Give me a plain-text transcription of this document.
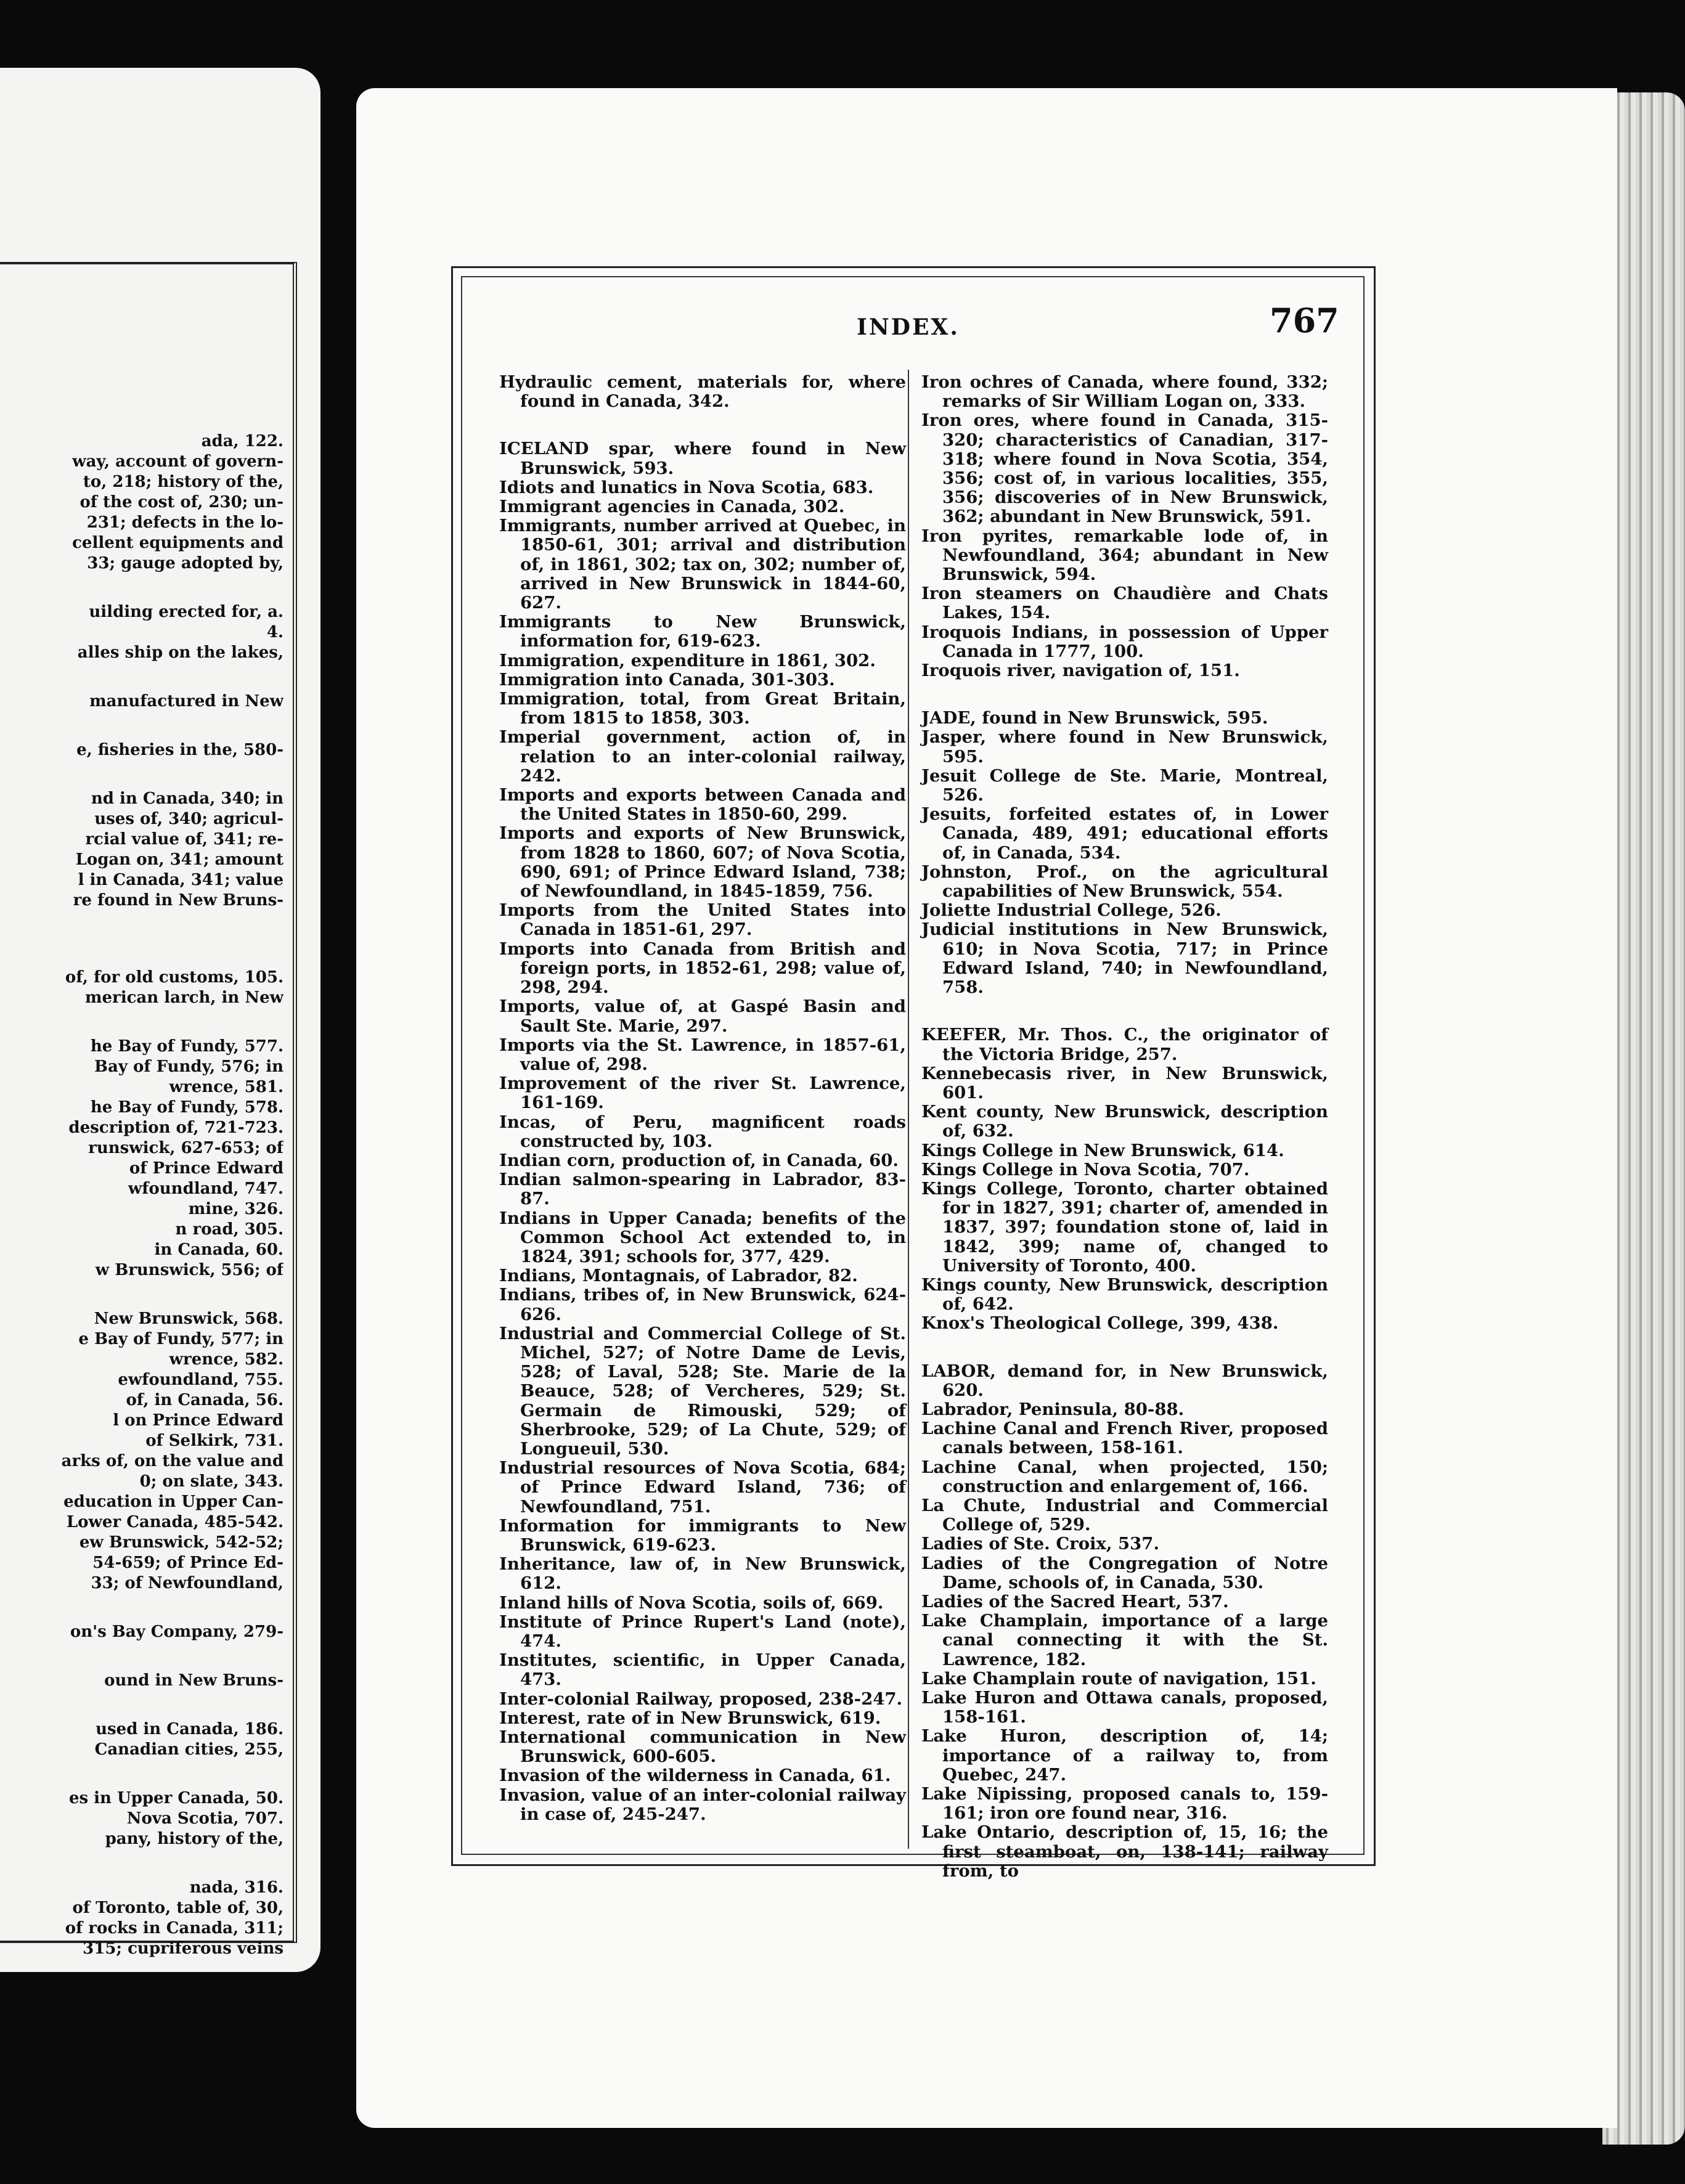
ada, 122.
way, account of govern-
to, 218; history of the,
of the cost of, 230; un-
231; defects in the lo-
cellent equipments and
33; gauge adopted by,
uilding erected for, a.
4.
alles ship on the lakes,
manufactured in New
e, fisheries in the, 580-
nd in Canada, 340; in
uses of, 340; agricul-
rcial value of, 341; re-
Logan on, 341; amount
l in Canada, 341; value
re found in New Bruns-
of, for old customs, 105.
merican larch, in New
he Bay of Fundy, 577.
Bay of Fundy, 576; in
wrence, 581.
he Bay of Fundy, 578.
description of, 721-723.
runswick, 627-653; of
of Prince Edward
wfoundland, 747.
mine, 326.
n road, 305.
in Canada, 60.
w Brunswick, 556; of
New Brunswick, 568.
e Bay of Fundy, 577; in
wrence, 582.
ewfoundland, 755.
of, in Canada, 56.
l on Prince Edward
of Selkirk, 731.
arks of, on the value and
0; on slate, 343.
education in Upper Can-
Lower Canada, 485-542.
ew Brunswick, 542-52;
54-659; of Prince Ed-
33; of Newfoundland,
on's Bay Company, 279-
ound in New Bruns-
used in Canada, 186.
Canadian cities, 255,
es in Upper Canada, 50.
Nova Scotia, 707.
pany, history of the,
nada, 316.
of Toronto, table of, 30,
of rocks in Canada, 311;
315; cupriferous veins
INDEX.	767
Hydraulic cement, materials for, where found in Canada, 342.
ICELAND spar, where found in New Brunswick, 593.
Idiots and lunatics in Nova Scotia, 683.
Immigrant agencies in Canada, 302.
Immigrants, number arrived at Quebec, in 1850-61, 301; arrival and distribution of, in 1861, 302; tax on, 302; number of, arrived in New Brunswick in 1844-60, 627.
Immigrants to New Brunswick, information for, 619-623.
Immigration, expenditure in 1861, 302.
Immigration into Canada, 301-303.
Immigration, total, from Great Britain, from 1815 to 1858, 303.
Imperial government, action of, in relation to an inter-colonial railway, 242.
Imports and exports between Canada and the United States in 1850-60, 299.
Imports and exports of New Brunswick, from 1828 to 1860, 607; of Nova Scotia, 690, 691; of Prince Edward Island, 738; of Newfoundland, in 1845-1859, 756.
Imports from the United States into Canada in 1851-61, 297.
Imports into Canada from British and foreign ports, in 1852-61, 298; value of, 298, 294.
Imports, value of, at Gaspé Basin and Sault Ste. Marie, 297.
Imports via the St. Lawrence, in 1857-61, value of, 298.
Improvement of the river St. Lawrence, 161-169.
Incas, of Peru, magnificent roads constructed by, 103.
Indian corn, production of, in Canada, 60.
Indian salmon-spearing in Labrador, 83-87.
Indians in Upper Canada; benefits of the Common School Act extended to, in 1824, 391; schools for, 377, 429.
Indians, Montagnais, of Labrador, 82.
Indians, tribes of, in New Brunswick, 624-626.
Industrial and Commercial College of St. Michel, 527; of Notre Dame de Levis, 528; of Laval, 528; Ste. Marie de la Beauce, 528; of Vercheres, 529; St. Germain de Rimouski, 529; of Sherbrooke, 529; of La Chute, 529; of Longueuil, 530.
Industrial resources of Nova Scotia, 684; of Prince Edward Island, 736; of Newfoundland, 751.
Information for immigrants to New Brunswick, 619-623.
Inheritance, law of, in New Brunswick, 612.
Inland hills of Nova Scotia, soils of, 669.
Institute of Prince Rupert's Land (note), 474.
Institutes, scientific, in Upper Canada, 473.
Inter-colonial Railway, proposed, 238-247.
Interest, rate of in New Brunswick, 619.
International communication in New Brunswick, 600-605.
Invasion of the wilderness in Canada, 61.
Invasion, value of an inter-colonial railway in case of, 245-247.
Iron ochres of Canada, where found, 332; remarks of Sir William Logan on, 333.
Iron ores, where found in Canada, 315-320; characteristics of Canadian, 317-318; where found in Nova Scotia, 354, 356; cost of, in various localities, 355, 356; discoveries of in New Brunswick, 362; abundant in New Brunswick, 591.
Iron pyrites, remarkable lode of, in Newfoundland, 364; abundant in New Brunswick, 594.
Iron steamers on Chaudière and Chats Lakes, 154.
Iroquois Indians, in possession of Upper Canada in 1777, 100.
Iroquois river, navigation of, 151.
JADE, found in New Brunswick, 595.
Jasper, where found in New Brunswick, 595.
Jesuit College de Ste. Marie, Montreal, 526.
Jesuits, forfeited estates of, in Lower Canada, 489, 491; educational efforts of, in Canada, 534.
Johnston, Prof., on the agricultural capabilities of New Brunswick, 554.
Joliette Industrial College, 526.
Judicial institutions in New Brunswick, 610; in Nova Scotia, 717; in Prince Edward Island, 740; in Newfoundland, 758.
KEEFER, Mr. Thos. C., the originator of the Victoria Bridge, 257.
Kennebecasis river, in New Brunswick, 601.
Kent county, New Brunswick, description of, 632.
Kings College in New Brunswick, 614.
Kings College in Nova Scotia, 707.
Kings College, Toronto, charter obtained for in 1827, 391; charter of, amended in 1837, 397; foundation stone of, laid in 1842, 399; name of, changed to University of Toronto, 400.
Kings county, New Brunswick, description of, 642.
Knox's Theological College, 399, 438.
LABOR, demand for, in New Brunswick, 620.
Labrador, Peninsula, 80-88.
Lachine Canal and French River, proposed canals between, 158-161.
Lachine Canal, when projected, 150; construction and enlargement of, 166.
La Chute, Industrial and Commercial College of, 529.
Ladies of Ste. Croix, 537.
Ladies of the Congregation of Notre Dame, schools of, in Canada, 530.
Ladies of the Sacred Heart, 537.
Lake Champlain, importance of a large canal connecting it with the St. Lawrence, 182.
Lake Champlain route of navigation, 151.
Lake Huron and Ottawa canals, proposed, 158-161.
Lake Huron, description of, 14; importance of a railway to, from Quebec, 247.
Lake Nipissing, proposed canals to, 159-161; iron ore found near, 316.
Lake Ontario, description of, 15, 16; the first steamboat, on, 138-141; railway from, to
